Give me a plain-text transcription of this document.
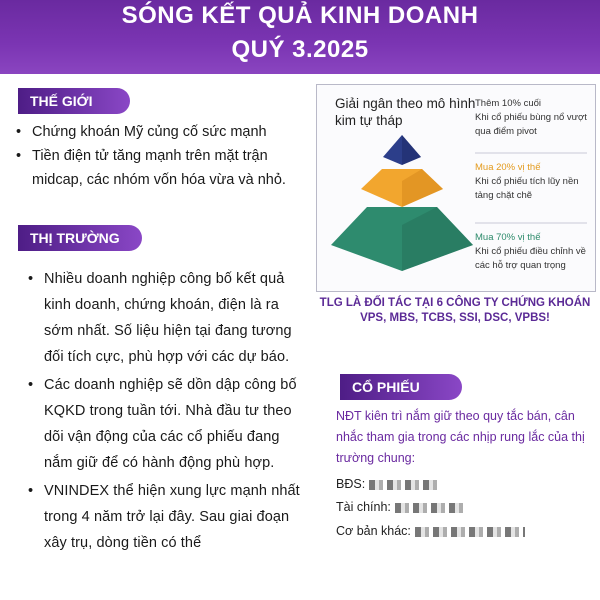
SÓNG KẾT QUẢ KINH DOANH
QUÝ 3.2025
THẾ GIỚI
• Chứng khoán Mỹ củng cố sức mạnh
• Tiền điện tử tăng mạnh trên mặt trận midcap, các nhóm vốn hóa vừa và nhỏ.
THỊ TRƯỜNG
• Nhiều doanh nghiệp công bố kết quả kinh doanh, chứng khoán, điện là ra sớm nhất. Số liệu hiện tại đang tương đối tích cực, phù hợp với các dự báo.
• Các doanh nghiệp sẽ dồn dập công bố KQKD trong tuần tới. Nhà đầu tư theo dõi vận động của các cổ phiếu đang nắm giữ để có hành động phù hợp.
• VNINDEX thể hiện xung lực mạnh nhất trong 4 năm trở lại đây. Sau giai đoạn xây trụ, dòng tiền có thể
Giải ngân theo mô hình kim tự tháp
Thêm 10% cuối
Khi cổ phiếu bùng nổ vượt qua điểm pivot
Mua 20% vị thế
Khi cổ phiếu tích lũy nền tảng chặt chẽ
Mua 70% vị thế
Khi cổ phiếu điều chỉnh về các hỗ trợ quan trọng
TLG LÀ ĐỐI TÁC TẠI 6 CÔNG TY CHỨNG KHOÁN VPS, MBS, TCBS, SSI, DSC, VPBS!
CỔ PHIẾU
NĐT kiên trì nắm giữ theo quy tắc bán, cân nhắc tham gia trong các nhịp rung lắc của thị trường chung:
BĐS:
Tài chính:
Cơ bản khác:
